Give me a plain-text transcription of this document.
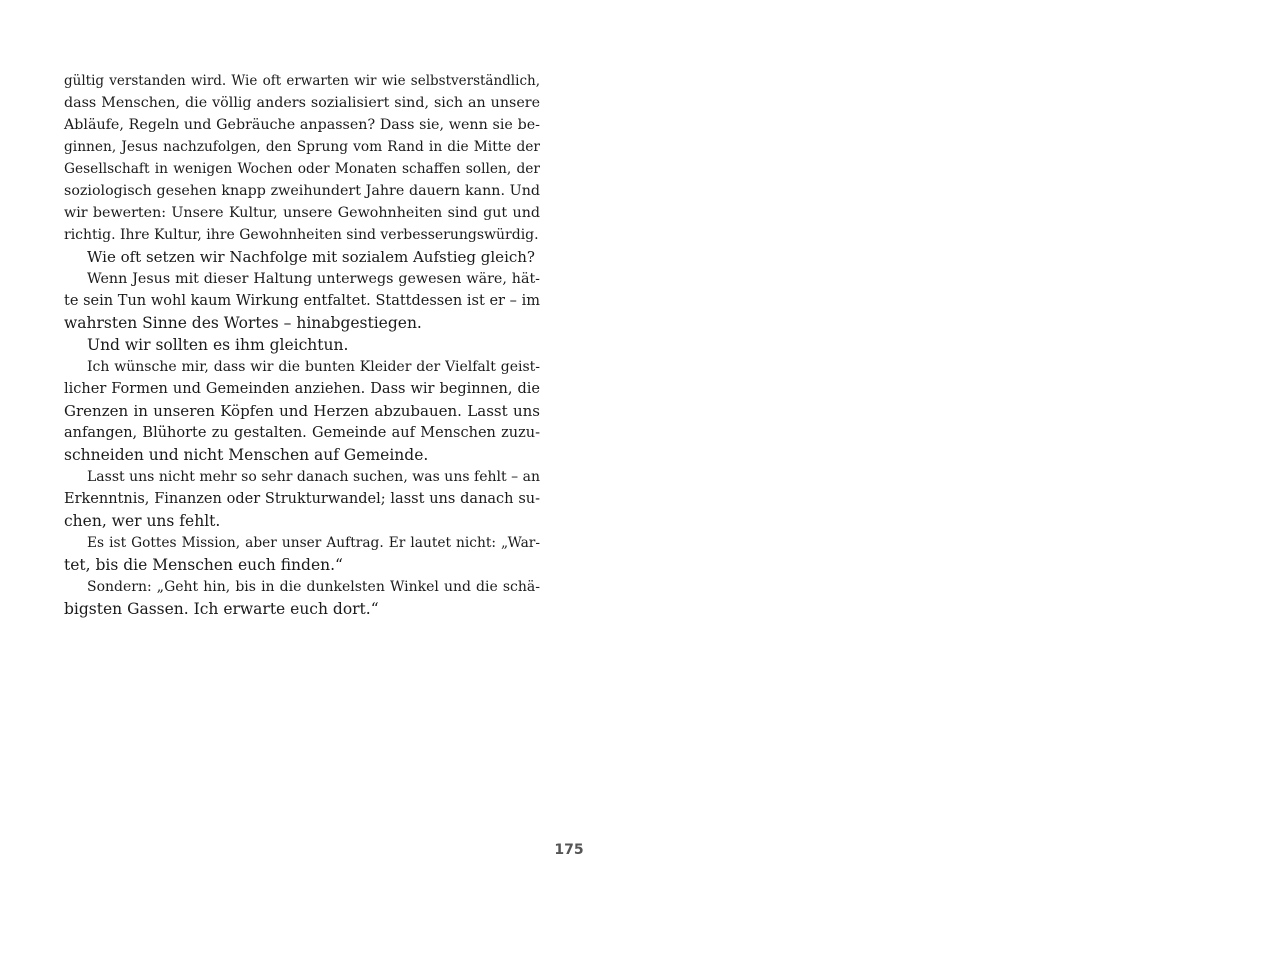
gültig verstanden wird. Wie oft erwarten wir wie selbstverständlich,
dass Menschen, die völlig anders sozialisiert sind, sich an unsere
Abläufe, Regeln und Gebräuche anpassen? Dass sie, wenn sie be-
ginnen, Jesus nachzufolgen, den Sprung vom Rand in die Mitte der
Gesellschaft in wenigen Wochen oder Monaten schaffen sollen, der
soziologisch gesehen knapp zweihundert Jahre dauern kann. Und
wir bewerten: Unsere Kultur, unsere Gewohnheiten sind gut und
richtig. Ihre Kultur, ihre Gewohnheiten sind verbesserungswürdig.
Wie oft setzen wir Nachfolge mit sozialem Aufstieg gleich?
Wenn Jesus mit dieser Haltung unterwegs gewesen wäre, hät-
te sein Tun wohl kaum Wirkung entfaltet. Stattdessen ist er – im
wahrsten Sinne des Wortes – hinabgestiegen.
Und wir sollten es ihm gleichtun.
Ich wünsche mir, dass wir die bunten Kleider der Vielfalt geist-
licher Formen und Gemeinden anziehen. Dass wir beginnen, die
Grenzen in unseren Köpfen und Herzen abzubauen. Lasst uns
anfangen, Blühorte zu gestalten. Gemeinde auf Menschen zuzu-
schneiden und nicht Menschen auf Gemeinde.
Lasst uns nicht mehr so sehr danach suchen, was uns fehlt – an
Erkenntnis, Finanzen oder Strukturwandel; lasst uns danach su-
chen, wer uns fehlt.
Es ist Gottes Mission, aber unser Auftrag. Er lautet nicht: „War-
tet, bis die Menschen euch finden.“
Sondern: „Geht hin, bis in die dunkelsten Winkel und die schä-
bigsten Gassen. Ich erwarte euch dort.“
175
